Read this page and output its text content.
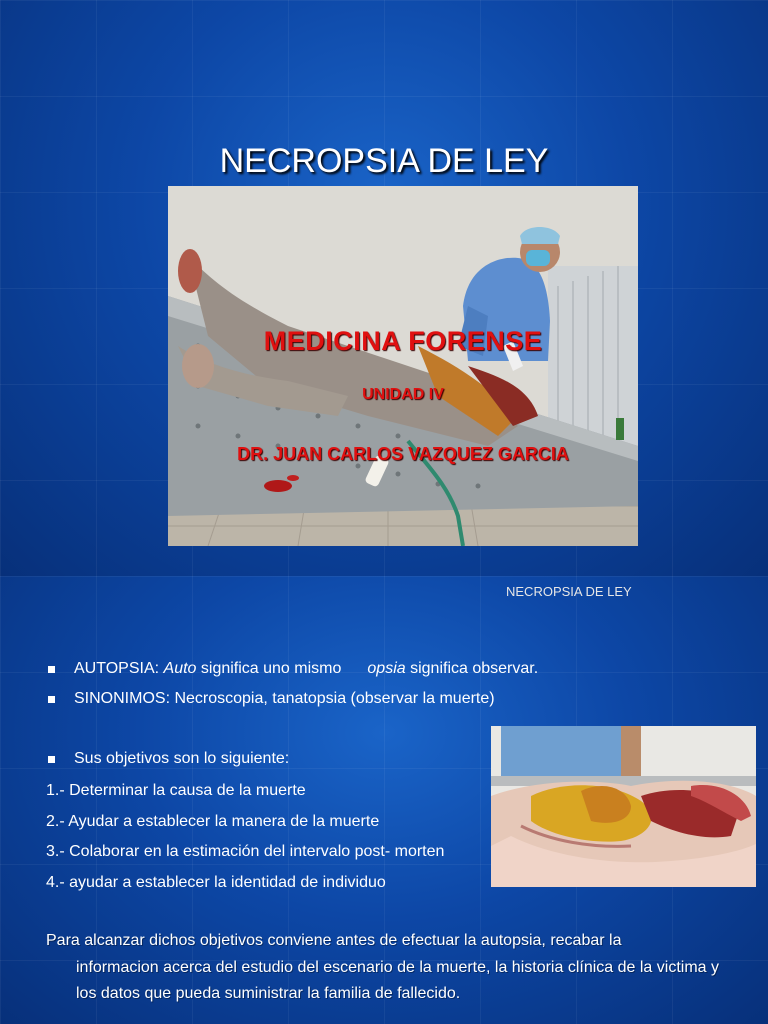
NECROPSIA DE LEY
MEDICINA FORENSE
UNIDAD IV
DR. JUAN CARLOS VAZQUEZ GARCIA
NECROPSIA DE LEY
AUTOPSIA: Auto significa uno mismo opsia significa observar.
SINONIMOS: Necroscopia, tanatopsia (observar la muerte)
Sus objetivos son lo siguiente:
1.- Determinar la causa de la muerte
2.- Ayudar a establecer la manera de la muerte
3.- Colaborar en la estimación del intervalo post- morten
4.- ayudar a establecer la identidad de individuo
Para alcanzar dichos objetivos conviene antes de efectuar la autopsia, recabar la
informacion acerca del estudio del escenario de la muerte, la historia clínica de la victima y los datos que pueda suministrar la familia de fallecido.
